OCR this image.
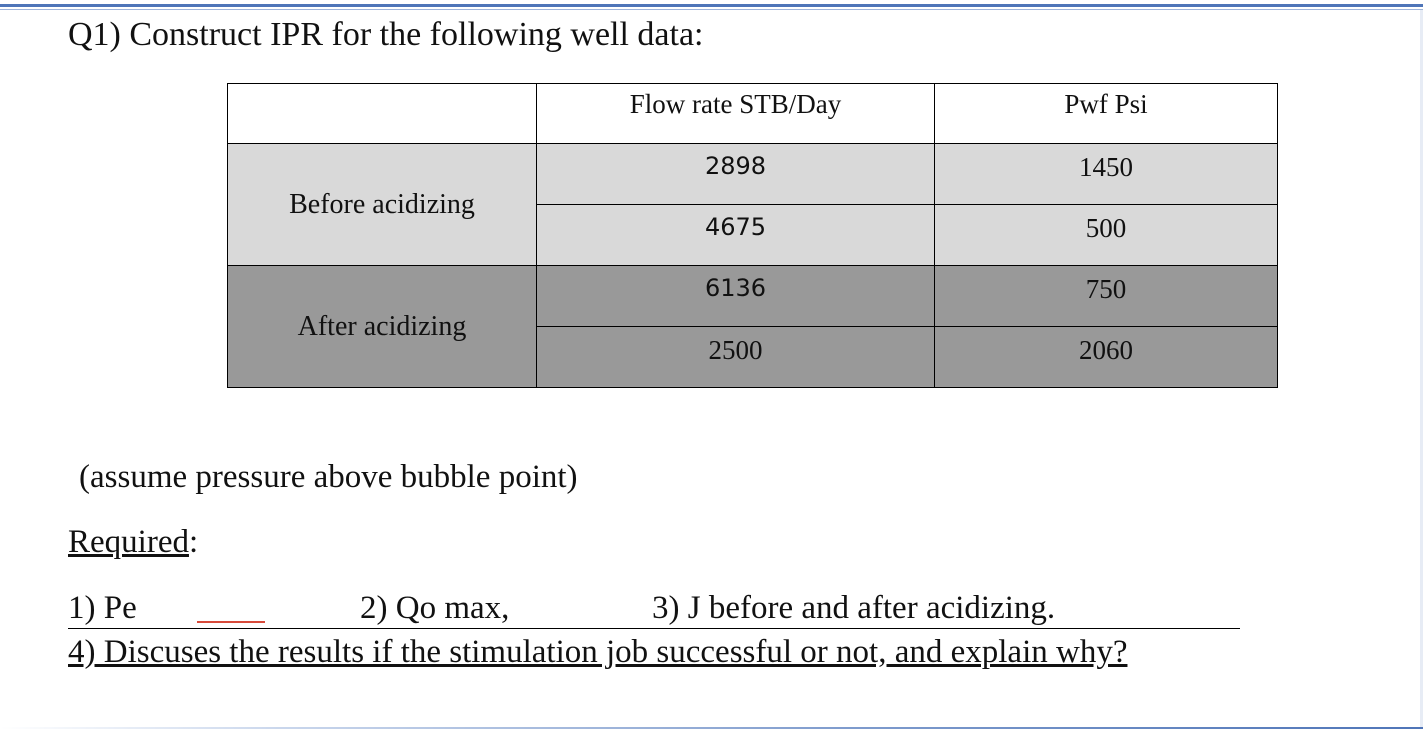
Q1) Construct IPR for the following well data:
	Flow rate STB/Day	Pwf Psi
Before acidizing	2898	1450
	4675	500
After acidizing	6136	750
	2500	2060
(assume pressure above bubble point)
Required:
1) Pe	2) Qo max,	3) J before and after acidizing.
4) Discuses the results if the stimulation job successful or not, and explain why?
